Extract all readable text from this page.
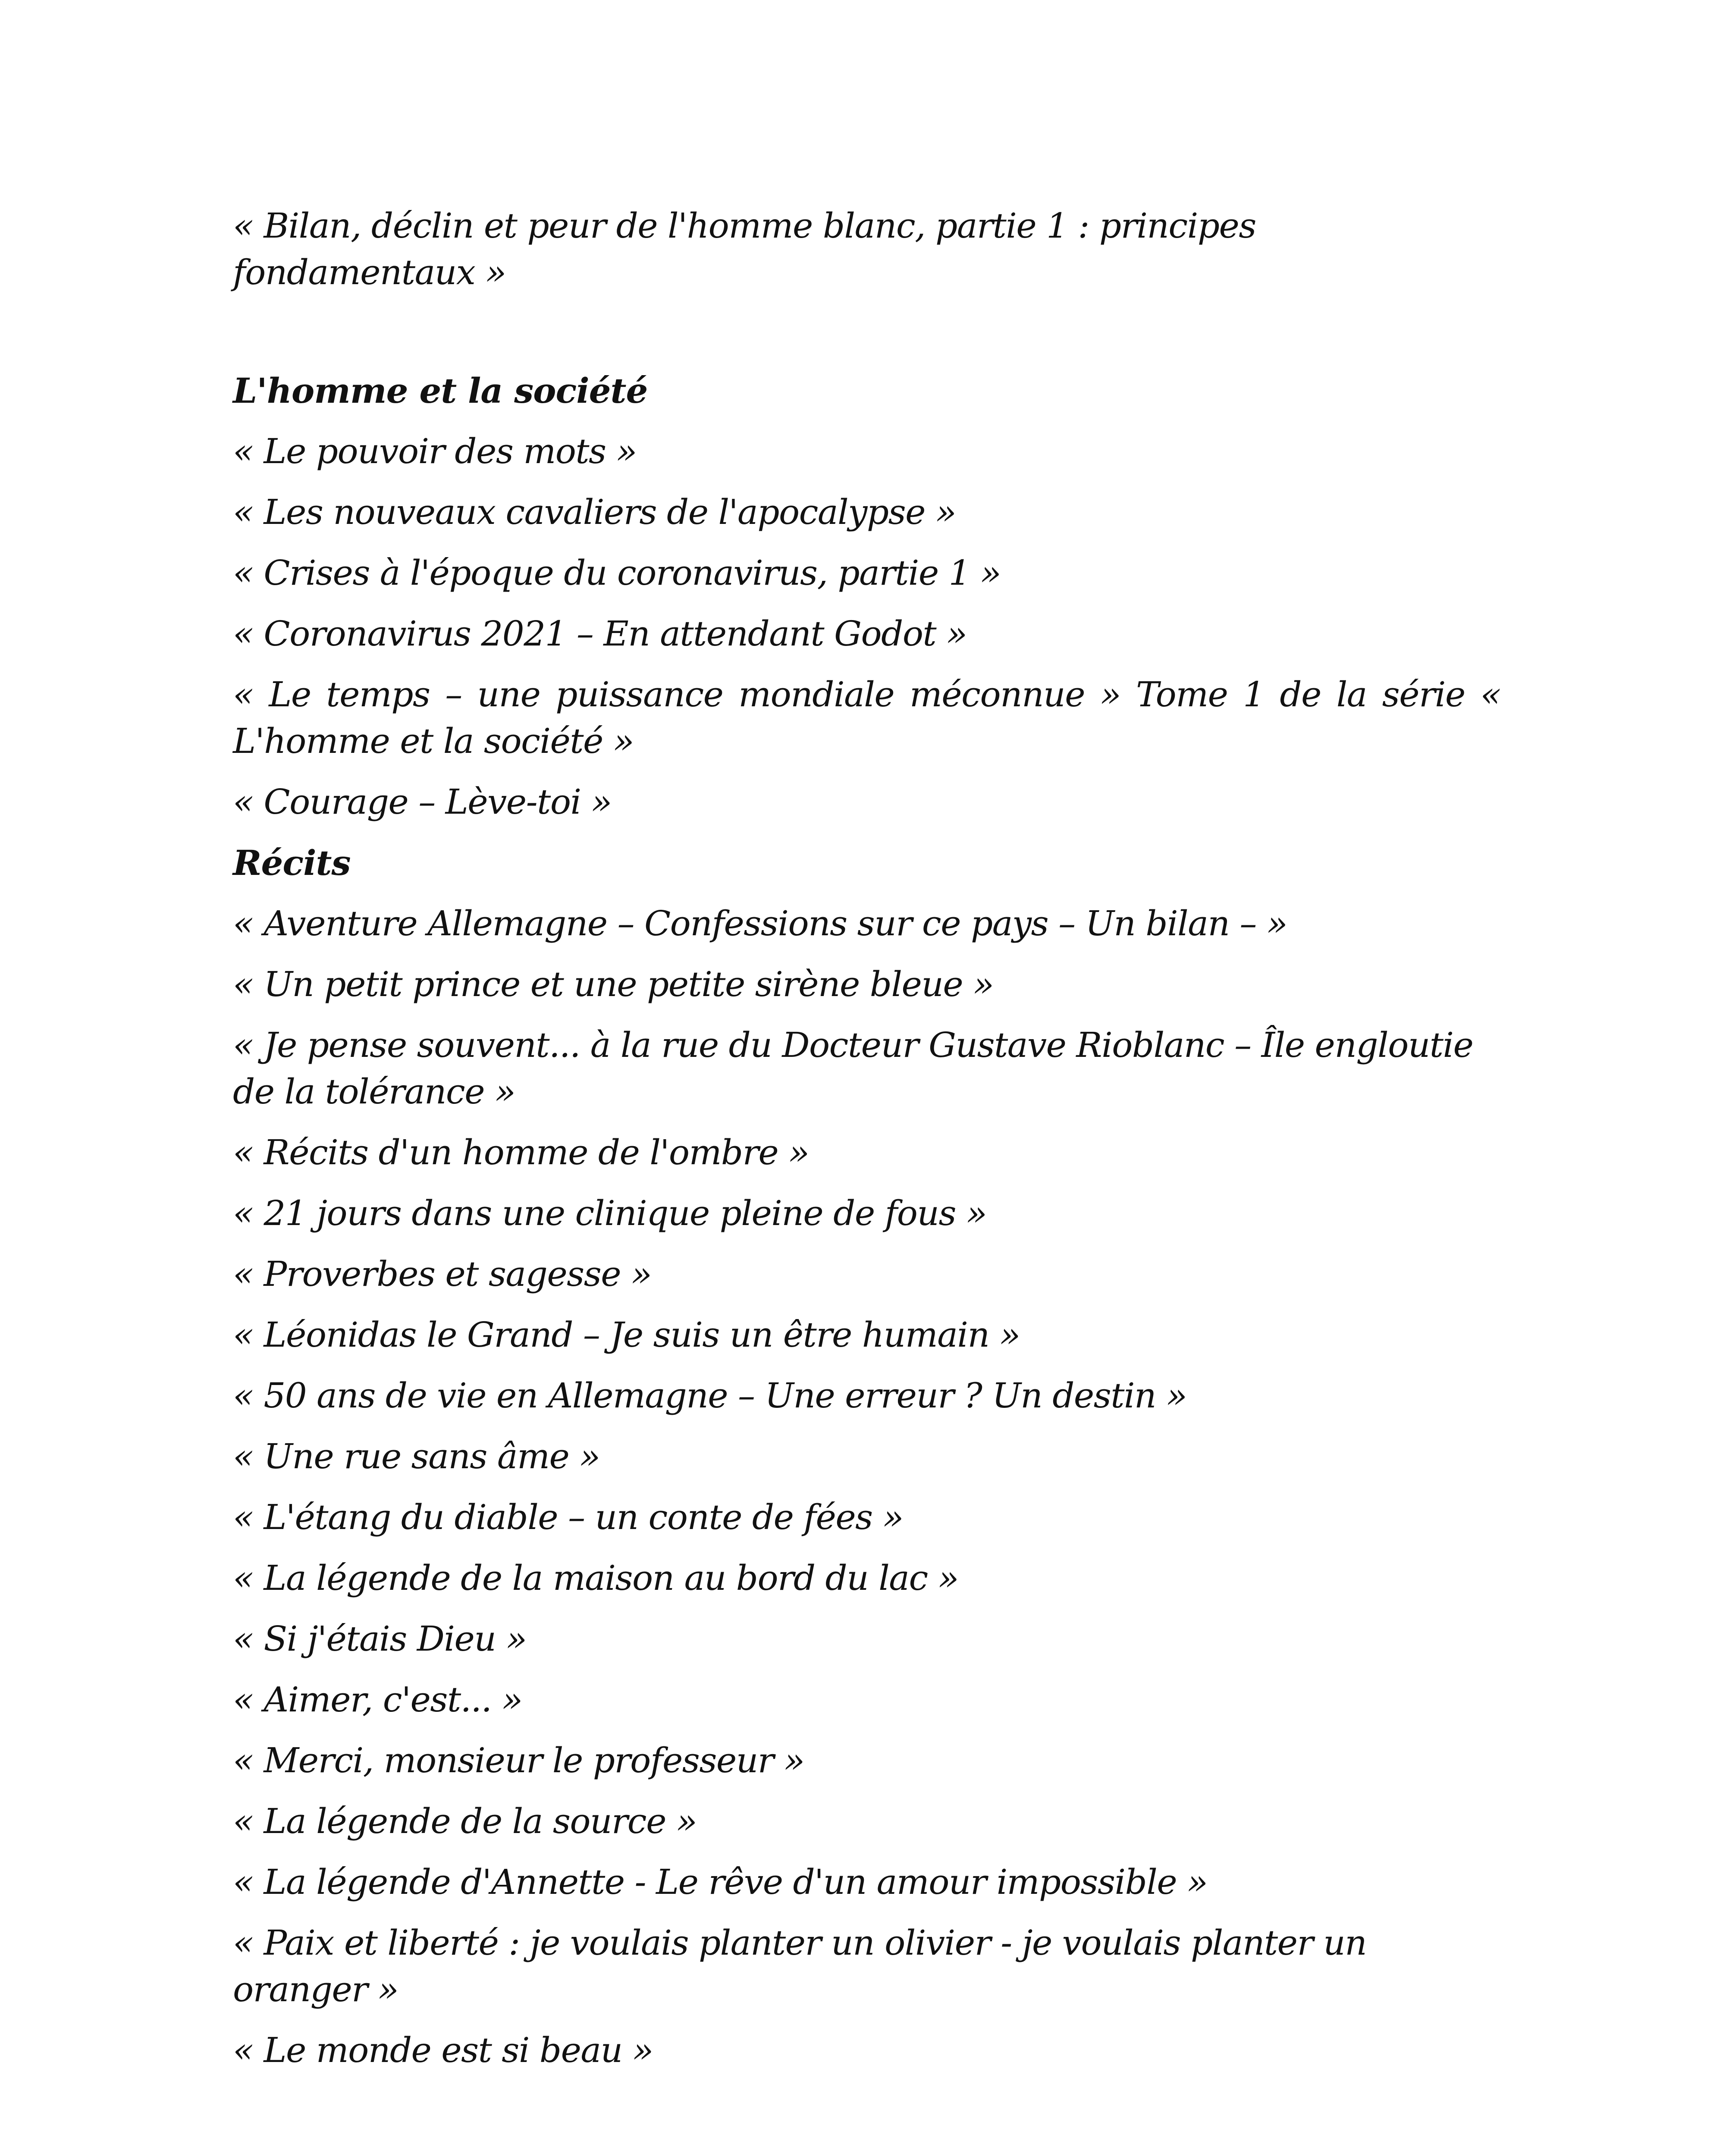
« Bilan, déclin et peur de l'homme blanc, partie 1 : principes fondamentaux »

L'homme et la société

« Le pouvoir des mots »

« Les nouveaux cavaliers de l'apocalypse »

« Crises à l'époque du coronavirus, partie 1 »

« Coronavirus 2021 – En attendant Godot »

« Le temps – une puissance mondiale méconnue » Tome 1 de la série « L'homme et la société »

« Courage – Lève-toi »

Récits

« Aventure Allemagne – Confessions sur ce pays – Un bilan – »

« Un petit prince et une petite sirène bleue »

« Je pense souvent... à la rue du Docteur Gustave Rioblanc – Île engloutie de la tolérance »

« Récits d'un homme de l'ombre »

« 21 jours dans une clinique pleine de fous »

« Proverbes et sagesse »

« Léonidas le Grand – Je suis un être humain »

« 50 ans de vie en Allemagne – Une erreur ? Un destin »

« Une rue sans âme »

« L'étang du diable – un conte de fées »

« La légende de la maison au bord du lac »

« Si j'étais Dieu »

« Aimer, c'est... »

« Merci, monsieur le professeur »

« La légende de la source »

« La légende d'Annette - Le rêve d'un amour impossible »

« Paix et liberté : je voulais planter un olivier - je voulais planter un oranger »

« Le monde est si beau »
